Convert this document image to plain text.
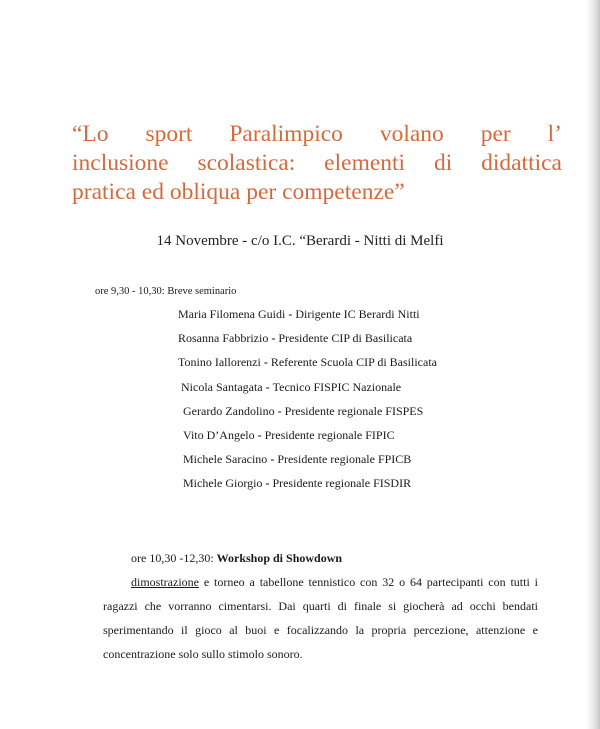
“Lo sport Paralimpico volano per l’
inclusione scolastica: elementi di didattica
pratica ed obliqua per competenze”
14 Novembre - c/o I.C. “Berardi - Nitti di Melfi
ore 9,30 - 10,30: Breve seminario
Maria Filomena Guidi - Dirigente IC Berardi Nitti
Rosanna Fabbrizio - Presidente CIP di Basilicata
Tonino Iallorenzi - Referente Scuola CIP di Basilicata
Nicola Santagata - Tecnico FISPIC Nazionale
Gerardo Zandolino - Presidente regionale FISPES
Vito D’Angelo - Presidente regionale FIPIC
Michele Saracino - Presidente regionale FPICB
Michele Giorgio - Presidente regionale FISDIR
ore 10,30 -12,30: Workshop di Showdown

dimostrazione e torneo a tabellone tennistico con 32 o 64 partecipanti con tutti i ragazzi che vorranno cimentarsi. Dai quarti di finale si giocherà ad occhi bendati sperimentando il gioco al buoi e focalizzando la propria percezione, attenzione e concentrazione solo sullo stimolo sonoro.
